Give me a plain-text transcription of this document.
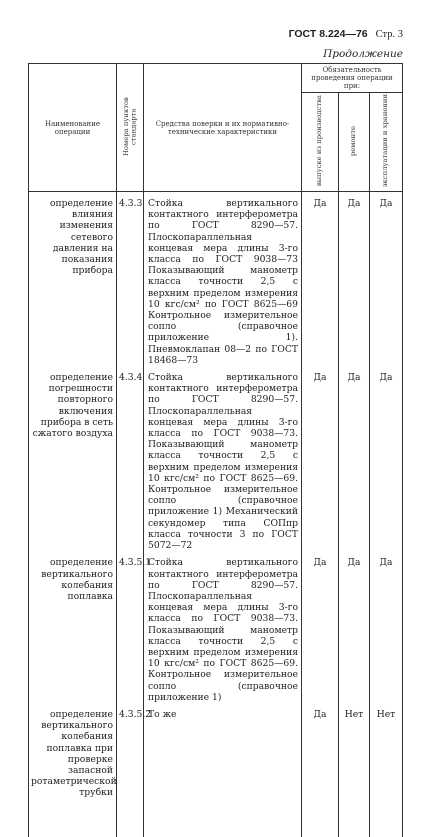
ГОСТ 8.224—76 Стр. 3
Продолжение
Наименование операции	Номера пунктов стандарта	Средства поверки и их нормативно-технические характеристики	Обязательность проведения операции при:		
			выпуске из производства	ремонте	эксплуатации и хранении
определение влияния изменения сетевого давления на показания прибора	4.3.3	Стойка вертикального контактного интерферометра по ГОСТ 8290—57. Плоскопараллельная концевая мера длины 3-го класса по ГОСТ 9038—73 Показывающий манометр класса точности 2,5 с верхним пределом измерения 10 кгс/см² по ГОСТ 8625—69 Контрольное измерительное сопло (справочное приложение 1). Пневмоклапан 08—2 по ГОСТ 18468—73	Да	Да	Да
определение погрешности повторного включения прибора в сеть сжатого воздуха	4.3.4	Стойка вертикального контактного интерферометра по ГОСТ 8290—57. Плоскопараллельная концевая мера длины 3-го класса по ГОСТ 9038—73. Показывающий манометр класса точности 2,5 с верхним пределом измерения 10 кгс/см² по ГОСТ 8625—69. Контрольное измерительное сопло (справочное приложение 1) Механический секундомер типа СОПпр класса точности 3 по ГОСТ 5072—72	Да	Да	Да
определение вертикального колебания поплавка	4.3.5.1	Стойка вертикального контактного интерферометра по ГОСТ 8290—57. Плоскопараллельная концевая мера длины 3-го класса по ГОСТ 9038—73. Показывающий манометр класса точности 2,5 с верхним пределом измерения 10 кгс/см² по ГОСТ 8625—69. Контрольное измерительное сопло (справочное приложение 1)	Да	Да	Да
определение вертикального колебания поплавка при проверке запасной ротаметрической трубки	4.3.5.2	То же	Да	Нет	Нет
